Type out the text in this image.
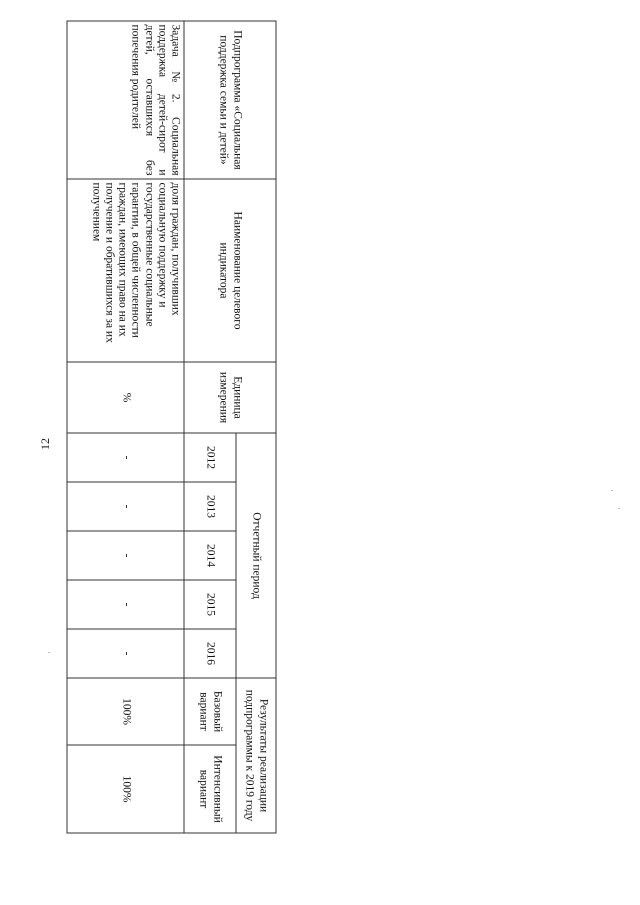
12
Подпрограмма «Социальная поддержка семьи и детей»	Наименование целевого индикатора	Единица измерения	Отчетный период					Результаты реализации подпрограммы к 2019 году	
			2012	2013	2014	2015	2016	Базовый вариант	Интенсивный вариант
Задача №2. Социальная поддержка детей-сирот и детей, оставшихся без попечения родителей	доля граждан, получивших социальную поддержку и государственные социальные гарантии, в общей численности граждан, имеющих право на их получение и обратившихся за их получением	%	-	-	-	-	-	100%	100%
